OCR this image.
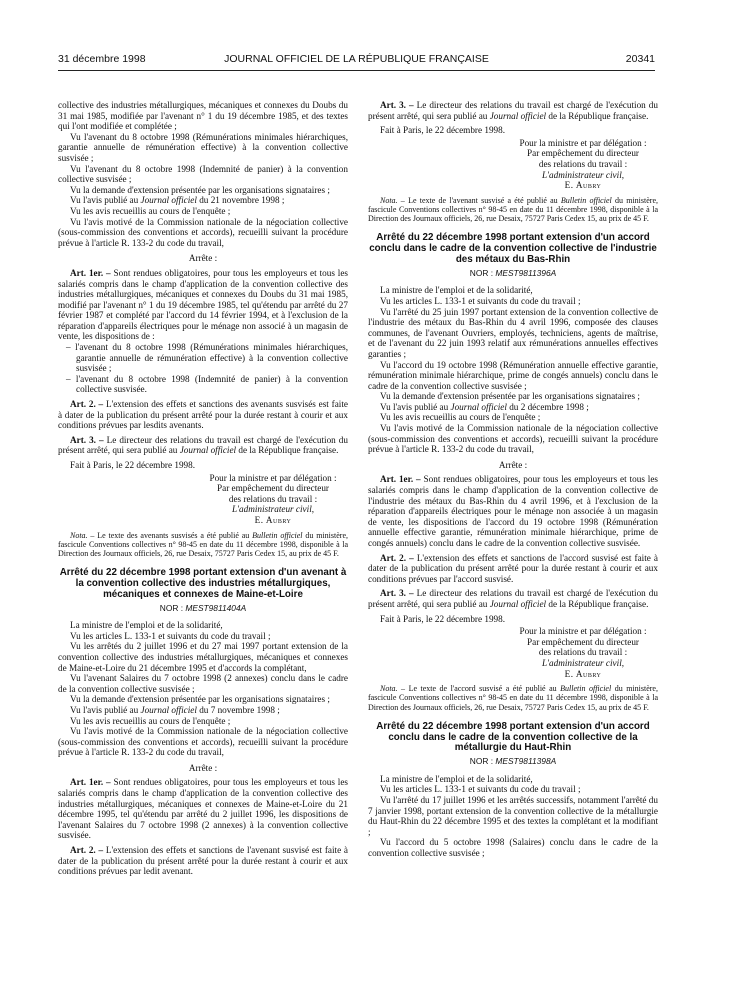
31 décembre 1998	JOURNAL OFFICIEL DE LA RÉPUBLIQUE FRANÇAISE	20341

collective des industries métallurgiques, mécaniques et connexes du Doubs du 31 mai 1985, modifiée par l'avenant n° 1 du 19 décembre 1985, et des textes qui l'ont modifiée et complétée ;

Vu l'avenant du 8 octobre 1998 (Rémunérations minimales hiérarchiques, garantie annuelle de rémunération effective) à la convention collective susvisée ;

Vu l'avenant du 8 octobre 1998 (Indemnité de panier) à la convention collective susvisée ;

Vu la demande d'extension présentée par les organisations signataires ;

Vu l'avis publié au Journal officiel du 21 novembre 1998 ;

Vu les avis recueillis au cours de l'enquête ;

Vu l'avis motivé de la Commission nationale de la négociation collective (sous-commission des conventions et accords), recueilli suivant la procédure prévue à l'article R. 133-2 du code du travail,

Arrête :

Art. 1er. – Sont rendues obligatoires, pour tous les employeurs et tous les salariés compris dans le champ d'application de la convention collective des industries métallurgiques, mécaniques et connexes du Doubs du 31 mai 1985, modifié par l'avenant n° 1 du 19 décembre 1985, tel qu'étendu par arrêté du 27 février 1987 et complété par l'accord du 14 février 1994, et à l'exclusion de la réparation d'appareils électriques pour le ménage non associé à un magasin de vente, les dispositions de :

– l'avenant du 8 octobre 1998 (Rémunérations minimales hiérarchiques, garantie annuelle de rémunération effective) à la convention collective susvisée ;

– l'avenant du 8 octobre 1998 (Indemnité de panier) à la convention collective susvisée.

Art. 2. – L'extension des effets et sanctions des avenants susvisés est faite à dater de la publication du présent arrêté pour la durée restant à courir et aux conditions prévues par lesdits avenants.

Art. 3. – Le directeur des relations du travail est chargé de l'exécution du présent arrêté, qui sera publié au Journal officiel de la République française.

Fait à Paris, le 22 décembre 1998.

Pour la ministre et par délégation :
Par empêchement du directeur
des relations du travail :
L'administrateur civil,
E. Aubry

Nota. – Le texte des avenants susvisés a été publié au Bulletin officiel du ministère, fascicule Conventions collectives n° 98-45 en date du 11 décembre 1998, disponible à la Direction des Journaux officiels, 26, rue Desaix, 75727 Paris Cedex 15, au prix de 45 F.

Arrêté du 22 décembre 1998 portant extension d'un avenant à la convention collective des industries métallurgiques, mécaniques et connexes de Maine-et-Loire
NOR : MEST9811404A

La ministre de l'emploi et de la solidarité,

Vu les articles L. 133-1 et suivants du code du travail ;

Vu les arrêtés du 2 juillet 1996 et du 27 mai 1997 portant extension de la convention collective des industries métallurgiques, mécaniques et connexes de Maine-et-Loire du 21 décembre 1995 et d'accords la complétant,

Vu l'avenant Salaires du 7 octobre 1998 (2 annexes) conclu dans le cadre de la convention collective susvisée ;

Vu la demande d'extension présentée par les organisations signataires ;

Vu l'avis publié au Journal officiel du 7 novembre 1998 ;

Vu les avis recueillis au cours de l'enquête ;

Vu l'avis motivé de la Commission nationale de la négociation collective (sous-commission des conventions et accords), recueilli suivant la procédure prévue à l'article R. 133-2 du code du travail,

Arrête :

Art. 1er. – Sont rendues obligatoires, pour tous les employeurs et tous les salariés compris dans le champ d'application de la convention collective des industries métallurgiques, mécaniques et connexes de Maine-et-Loire du 21 décembre 1995, tel qu'étendu par arrêté du 2 juillet 1996, les dispositions de l'avenant Salaires du 7 octobre 1998 (2 annexes) à la convention collective susvisée.

Art. 2. – L'extension des effets et sanctions de l'avenant susvisé est faite à dater de la publication du présent arrêté pour la durée restant à courir et aux conditions prévues par ledit avenant.

Art. 3. – Le directeur des relations du travail est chargé de l'exécution du présent arrêté, qui sera publié au Journal officiel de la République française.

Fait à Paris, le 22 décembre 1998.

Pour la ministre et par délégation :
Par empêchement du directeur
des relations du travail :
L'administrateur civil,
E. Aubry

Nota. – Le texte de l'avenant susvisé a été publié au Bulletin officiel du ministère, fascicule Conventions collectives n° 98-45 en date du 11 décembre 1998, disponible à la Direction des Journaux officiels, 26, rue Desaix, 75727 Paris Cedex 15, au prix de 45 F.

Arrêté du 22 décembre 1998 portant extension d'un accord conclu dans le cadre de la convention collective de l'industrie des métaux du Bas-Rhin
NOR : MEST9811396A

La ministre de l'emploi et de la solidarité,

Vu les articles L. 133-1 et suivants du code du travail ;

Vu l'arrêté du 25 juin 1997 portant extension de la convention collective de l'industrie des métaux du Bas-Rhin du 4 avril 1996, composée des clauses communes, de l'avenant Ouvriers, employés, techniciens, agents de maîtrise, et de l'avenant du 22 juin 1993 relatif aux rémunérations annuelles effectives garanties ;

Vu l'accord du 19 octobre 1998 (Rémunération annuelle effective garantie, rémunération minimale hiérarchique, prime de congés annuels) conclu dans le cadre de la convention collective susvisée ;

Vu la demande d'extension présentée par les organisations signataires ;

Vu l'avis publié au Journal officiel du 2 décembre 1998 ;

Vu les avis recueillis au cours de l'enquête ;

Vu l'avis motivé de la Commission nationale de la négociation collective (sous-commission des conventions et accords), recueilli suivant la procédure prévue à l'article R. 133-2 du code du travail,

Arrête :

Art. 1er. – Sont rendues obligatoires, pour tous les employeurs et tous les salariés compris dans le champ d'application de la convention collective de l'industrie des métaux du Bas-Rhin du 4 avril 1996, et à l'exclusion de la réparation d'appareils électriques pour le ménage non associée à un magasin de vente, les dispositions de l'accord du 19 octobre 1998 (Rémunération annuelle effective garantie, rémunération minimale hiérarchique, prime de congés annuels) conclu dans le cadre de la convention collective susvisée.

Art. 2. – L'extension des effets et sanctions de l'accord susvisé est faite à dater de la publication du présent arrêté pour la durée restant à courir et aux conditions prévues par l'accord susvisé.

Art. 3. – Le directeur des relations du travail est chargé de l'exécution du présent arrêté, qui sera publié au Journal officiel de la République française.

Fait à Paris, le 22 décembre 1998.

Pour la ministre et par délégation :
Par empêchement du directeur
des relations du travail :
L'administrateur civil,
E. Aubry

Nota. – Le texte de l'accord susvisé a été publié au Bulletin officiel du ministère, fascicule Conventions collectives n° 98-45 en date du 11 décembre 1998, disponible à la Direction des Journaux officiels, 26, rue Desaix, 75727 Paris Cedex 15, au prix de 45 F.

Arrêté du 22 décembre 1998 portant extension d'un accord conclu dans le cadre de la convention collective de la métallurgie du Haut-Rhin
NOR : MEST9811398A

La ministre de l'emploi et de la solidarité,

Vu les articles L. 133-1 et suivants du code du travail ;

Vu l'arrêté du 17 juillet 1996 et les arrêtés successifs, notamment l'arrêté du 7 janvier 1998, portant extension de la convention collective de la métallurgie du Haut-Rhin du 22 décembre 1995 et des textes la complétant et la modifiant ;

Vu l'accord du 5 octobre 1998 (Salaires) conclu dans le cadre de la convention collective susvisée ;
